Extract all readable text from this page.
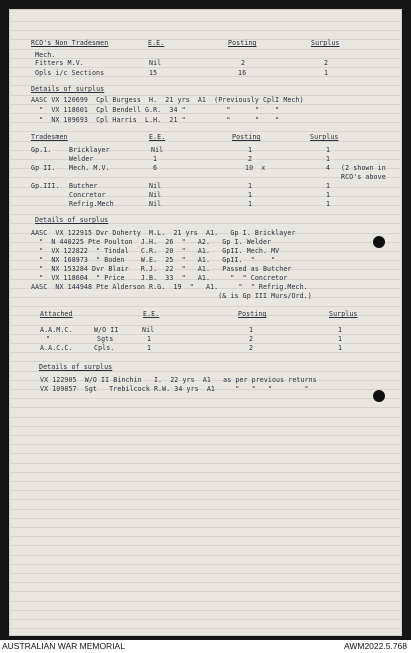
RCO's Non Tradesmen	E.E.	Posting	Surplus
Mech.
Fitters M.V.	Nil	2	2
Opls i/c Sections	15	16	1
Details of surplus
AASC VX 120699  Cpl Burgess  H.  21 yrs  A1  (Previously CplI Mech)
"  VX 118601  Cpl Bendell G.R.  34 "          "      "    "
"  NX 109693  Cpl Harris  L.H.  21 "          "      "    "
Tradesmen	E.E.	Posting	Surplus
Gp.1.	Bricklayer	Nil	1	1
Welder	1	2	1
Gp II. Mech. M.V.	6	10  x	4 (2 shown in
RCO's above
Gp.III. Butcher	Nil	1	1
Concretor	Nil	1	1
Refrig.Mech	Nil	1	1
Details of surplus
AASC  VX 122915 Dvr Doherty  M.L.  21 yrs  A1.   Gp I. Bricklayer
"  N 440225 Pte Poulton  J.H.  26  "   A2.   Gp I. Welder
"  VX 122822  " Tindal   C.R.  20  "   A1.   GpII. Mech. MV
"  NX 168973  " Boden    W.E.  25  "   A1.   GpII.  "    "
"  NX 153284 Dvr Blair   R.J.  22  "   A1.   Passed as Butcher
"  VX 118604  " Price    J.B.  33  "   A1.     "  " Concretor
AASC  NX 144948 Pte Alderson R.G.  19  "   A1.     "  " Refrig.Mech.
(& is Gp III Murs/Ord.)
Attached	E.E.	Posting	Surplus
A.A.M.C.	W/O II	Nil	1	1
"	Sgts	1	2	1
A.A.C.C.	Cpls.	1	2	1
Details of surplus
VX 122905  W/O II Binchin   I.  22 yrs  A1   as per previous returns
VX 109857  Sgt   Trebilcock R.W. 34 yrs  A1     "   "   "        "
AUSTRALIAN WAR MEMORIAL	AWM2022.5.768
